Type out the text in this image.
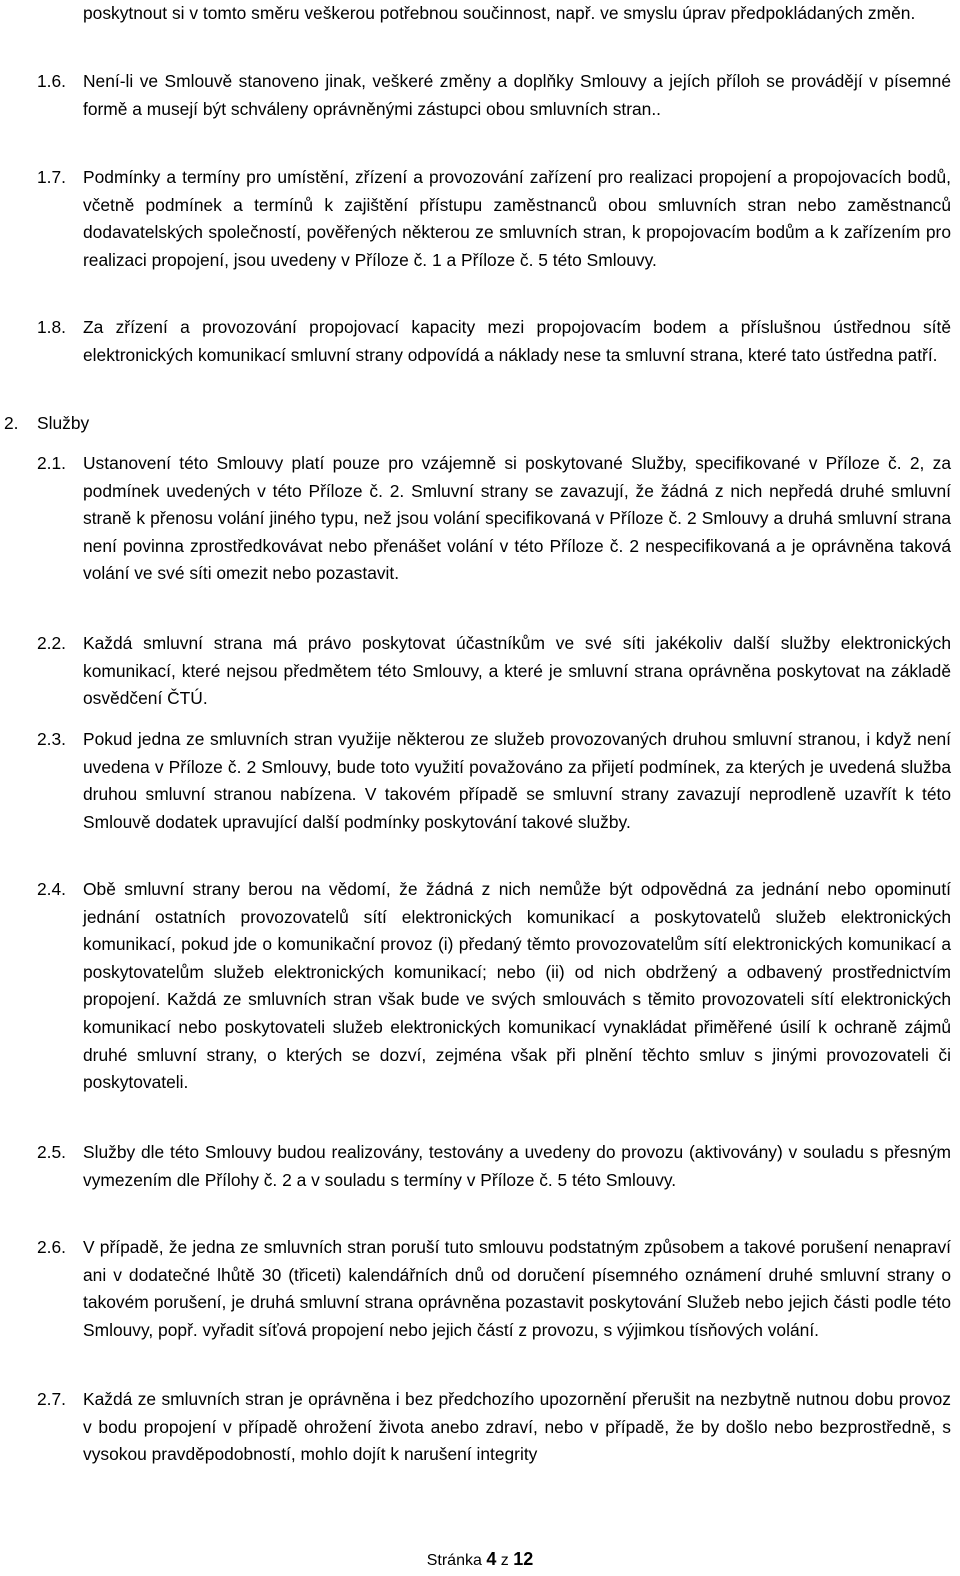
poskytnout si v tomto směru veškerou potřebnou součinnost, např. ve smyslu úprav předpokládaných změn.

1.6. Není-li ve Smlouvě stanoveno jinak, veškeré změny a doplňky Smlouvy a jejích příloh se provádějí v písemné formě a musejí být schváleny oprávněnými zástupci obou smluvních stran..

1.7. Podmínky a termíny pro umístění, zřízení a provozování zařízení pro realizaci propojení a propojovacích bodů, včetně podmínek a termínů k zajištění přístupu zaměstnanců obou smluvních stran nebo zaměstnanců dodavatelských společností, pověřených některou ze smluvních stran, k propojovacím bodům a k zařízením pro realizaci propojení, jsou uvedeny v Příloze č. 1 a Příloze č. 5 této Smlouvy.

1.8. Za zřízení a provozování propojovací kapacity mezi propojovacím bodem a příslušnou ústřednou sítě elektronických komunikací smluvní strany odpovídá a náklady nese ta smluvní strana, které tato ústředna patří.

2. Služby
2.1. Ustanovení této Smlouvy platí pouze pro vzájemně si poskytované Služby, specifikované v Příloze č. 2, za podmínek uvedených v této Příloze č. 2. Smluvní strany se zavazují, že žádná z nich nepředá druhé smluvní straně k přenosu volání jiného typu, než jsou volání specifikovaná v Příloze č. 2 Smlouvy a druhá smluvní strana není povinna zprostředkovávat nebo přenášet volání v této Příloze č. 2 nespecifikovaná a je oprávněna taková volání ve své síti omezit nebo pozastavit.

2.2. Každá smluvní strana má právo poskytovat účastníkům ve své síti jakékoliv další služby elektronických komunikací, které nejsou předmětem této Smlouvy, a které je smluvní strana oprávněna poskytovat na základě osvědčení ČTÚ.

2.3. Pokud jedna ze smluvních stran využije některou ze služeb provozovaných druhou smluvní stranou, i když není uvedena v Příloze č. 2 Smlouvy, bude toto využití považováno za přijetí podmínek, za kterých je uvedená služba druhou smluvní stranou nabízena. V takovém případě se smluvní strany zavazují neprodleně uzavřít k této Smlouvě dodatek upravující další podmínky poskytování takové služby.

2.4. Obě smluvní strany berou na vědomí, že žádná z nich nemůže být odpovědná za jednání nebo opominutí jednání ostatních provozovatelů sítí elektronických komunikací a poskytovatelů služeb elektronických komunikací, pokud jde o komunikační provoz (i) předaný těmto provozovatelům sítí elektronických komunikací a poskytovatelům služeb elektronických komunikací; nebo (ii) od nich obdržený a odbavený prostřednictvím propojení. Každá ze smluvních stran však bude ve svých smlouvách s těmito provozovateli sítí elektronických komunikací nebo poskytovateli služeb elektronických komunikací vynakládat přiměřené úsilí k ochraně zájmů druhé smluvní strany, o kterých se dozví, zejména však při plnění těchto smluv s jinými provozovateli či poskytovateli.

2.5. Služby dle této Smlouvy budou realizovány, testovány a uvedeny do provozu (aktivovány) v souladu s přesným vymezením dle Přílohy č. 2 a v souladu s termíny v Příloze č. 5 této Smlouvy.

2.6. V případě, že jedna ze smluvních stran poruší tuto smlouvu podstatným způsobem a takové porušení nenapraví ani v dodatečné lhůtě 30 (třiceti) kalendářních dnů od doručení písemného oznámení druhé smluvní strany o takovém porušení, je druhá smluvní strana oprávněna pozastavit poskytování Služeb nebo jejich části podle této Smlouvy, popř. vyřadit síťová propojení nebo jejich částí z provozu, s výjimkou tísňových volání.

2.7. Každá ze smluvních stran je oprávněna i bez předchozího upozornění přerušit na nezbytně nutnou dobu provoz v bodu propojení v případě ohrožení života anebo zdraví, nebo v případě, že by došlo nebo bezprostředně, s vysokou pravděpodobností, mohlo dojít k narušení integrity

Stránka 4 z 12
